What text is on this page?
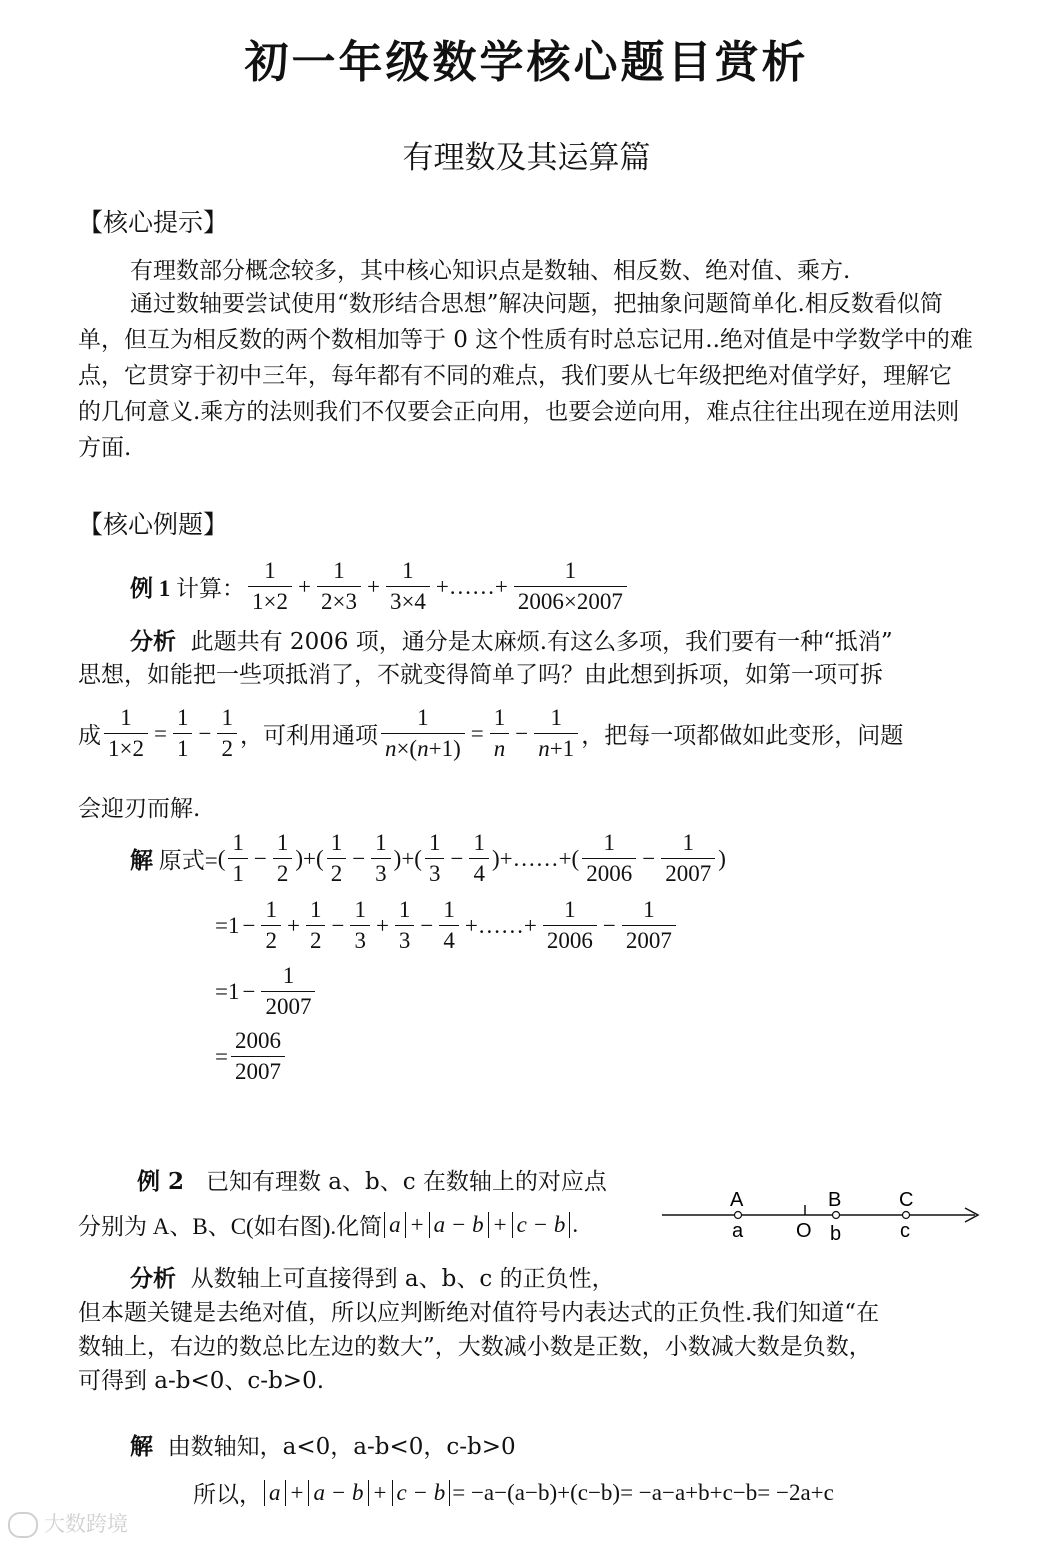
初一年级数学核心题目赏析
有理数及其运算篇
【核心提示】
有理数部分概念较多，其中核心知识点是数轴、相反数、绝对值、乘方.
通过数轴要尝试使用“数形结合思想”解决问题，把抽象问题简单化.相反数看似简单，但互为相反数的两个数相加等于 0 这个性质有时总忘记用..绝对值是中学数学中的难点，它贯穿于初中三年，每年都有不同的难点，我们要从七年级把绝对值学好，理解它的几何意义.乘方的法则我们不仅要会正向用，也要会逆向用，难点往往出现在逆用法则方面.
【核心例题】
例 1
计算： $\frac{1}{1\times 2} + \frac{1}{2\times 3} + \frac{1}{3\times 4}$ +……+ $\frac{1}{2006\times 2007}$
分析 此题共有 2006 项，通分是太麻烦.有这么多项，我们要有一种“抵消”
思想，如能把一些项抵消了，不就变得简单了吗？由此想到拆项，如第一项可拆
成 $\frac{1}{1\times 2} = \frac{1}{1} - \frac{1}{2}$ ，可利用通项 $\frac{1}{n\times(n+1)} = \frac{1}{n} - \frac{1}{n+1}$ ，把每一项都做如此变形，问题
会迎刃而解.
解
原式= ( $\frac{1}{1} - \frac{1}{2}$ )+( $\frac{1}{2} - \frac{1}{3}$ )+( $\frac{1}{3} - \frac{1}{4}$ )+……+( $\frac{1}{2006} - \frac{1}{2007}$ )
$=1 - \frac{1}{2} + \frac{1}{2} - \frac{1}{3} + \frac{1}{3} - \frac{1}{4}$ +……+ $\frac{1}{2006} - \frac{1}{2007}$
$=1 - \frac{1}{2007}$
= $\frac{2006}{2007}$
例 2 已知有理数 a、b、c 在数轴上的对应点
分别为 A、B、C(如右图).化简 a + a − b + c − b .
A
a	O
B
b
C
c
分析 从数轴上可直接得到 a、b、c 的正负性，
但本题关键是去绝对值，所以应判断绝对值符号内表达式的正负性.我们知道“在
数轴上，右边的数总比左边的数大”，大数减小数是正数，小数减大数是负数，
可得到 a-b<0、c-b>0.
解 由数轴知，a<0，a-b<0，c-b>0
所以， a + a − b + c − b = −a−(a−b)+(c−b)= −a−a+b+c−b= −2a+c
大数跨境
